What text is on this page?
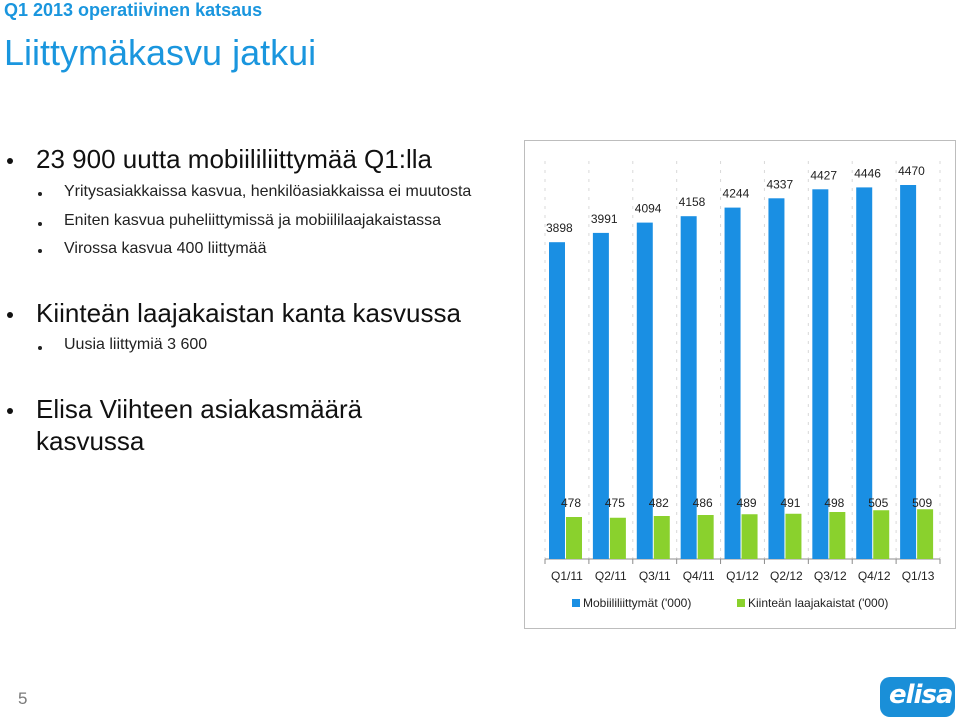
Q1 2013 operatiivinen katsaus
Liittymäkasvu jatkui
23 900 uutta mobiililiittymää Q1:lla
Yritysasiakkaissa kasvua, henkilöasiakkaissa ei muutosta
Eniten kasvua puheliittymissä ja mobiililaajakaistassa
Virossa kasvua 400 liittymää
Kiinteän laajakaistan kanta kasvussa
Uusia liittymiä 3 600
Elisa Viihteen asiakasmäärä
kasvussa
3898
478
Q1/11
3991
475
Q2/11
4094
482
Q3/11
4158
486
Q4/11
4244
489
Q1/12
4337
491
Q2/12
4427
498
Q3/12
4446
505
Q4/12
4470
509
Q1/13
Mobiililiittymät ('000)	Kiinteän laajakaistat ('000)
5	elisa
